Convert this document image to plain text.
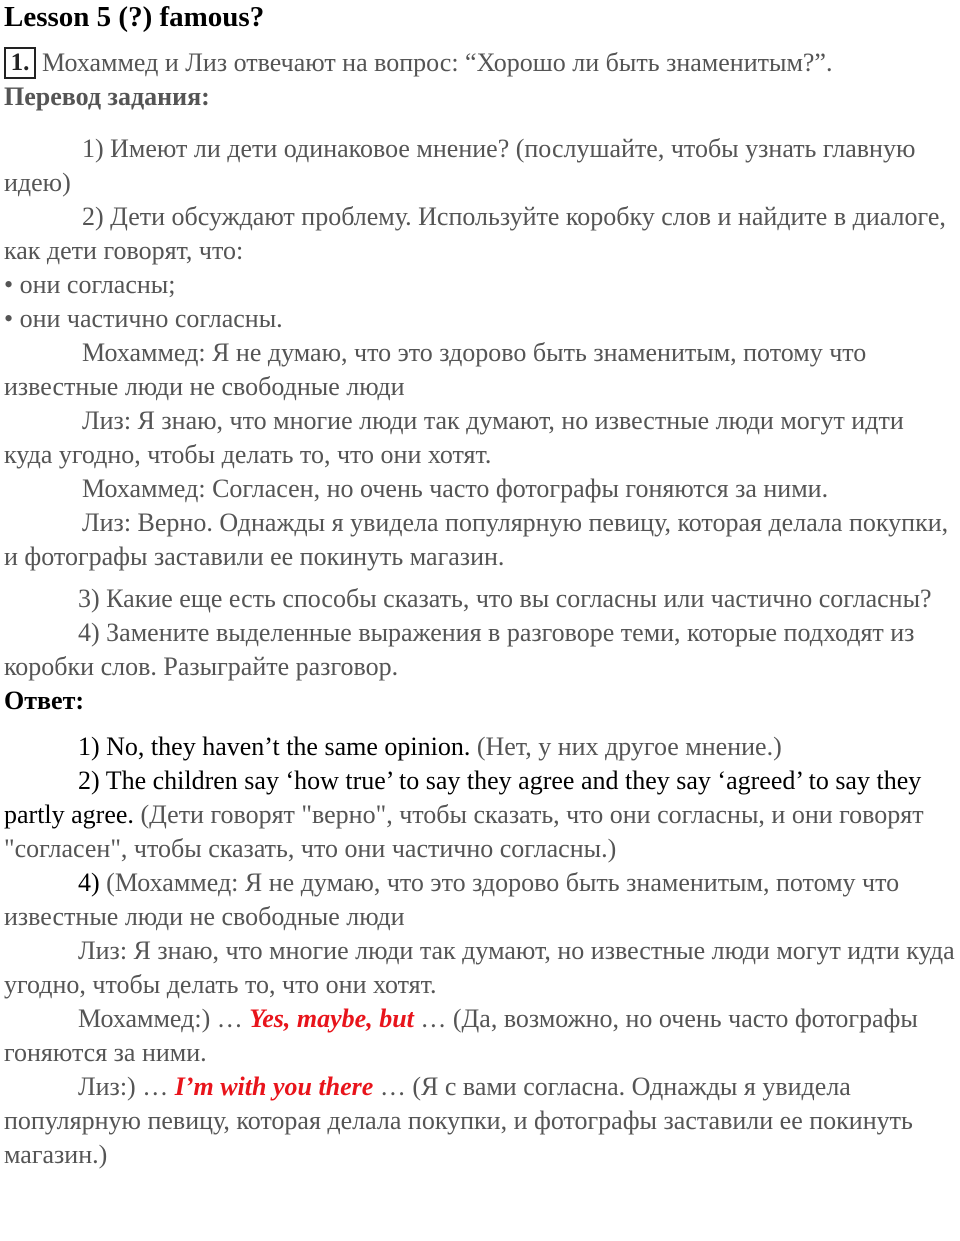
Lesson 5 (?) famous?

1. Мохаммед и Лиз отвечают на вопрос: “Хорошо ли быть знаменитым?”.

Перевод задания:

1) Имеют ли дети одинаковое мнение? (послушайте, чтобы узнать главную идею)

2) Дети обсуждают проблему. Используйте коробку слов и найдите в диалоге, как дети говорят, что:

• они согласны;

• они частично согласны.

Мохаммед: Я не думаю, что это здорово быть знаменитым, потому что известные люди не свободные люди

Лиз: Я знаю, что многие люди так думают, но известные люди могут идти куда угодно, чтобы делать то, что они хотят.

Мохаммед: Согласен, но очень часто фотографы гоняются за ними.

Лиз: Верно. Однажды я увидела популярную певицу, которая делала покупки, и фотографы заставили ее покинуть магазин.

3) Какие еще есть способы сказать, что вы согласны или частично согласны?

4) Замените выделенные выражения в разговоре теми, которые подходят из коробки слов. Разыграйте разговор.

Ответ:

1) No, they haven’t the same opinion. (Нет, у них другое мнение.)

2) The children say ‘how true’ to say they agree and they say ‘agreed’ to say they partly agree. (Дети говорят "верно", чтобы сказать, что они согласны, и они говорят "согласен", чтобы сказать, что они частично согласны.)

4) (Мохаммед: Я не думаю, что это здорово быть знаменитым, потому что известные люди не свободные люди

Лиз: Я знаю, что многие люди так думают, но известные люди могут идти куда угодно, чтобы делать то, что они хотят.

Мохаммед:) … Yes, maybe, but … (Да, возможно, но очень часто фотографы гоняются за ними.

Лиз:) … I’m with you there … (Я с вами согласна. Однажды я увидела популярную певицу, которая делала покупки, и фотографы заставили ее покинуть магазин.)
